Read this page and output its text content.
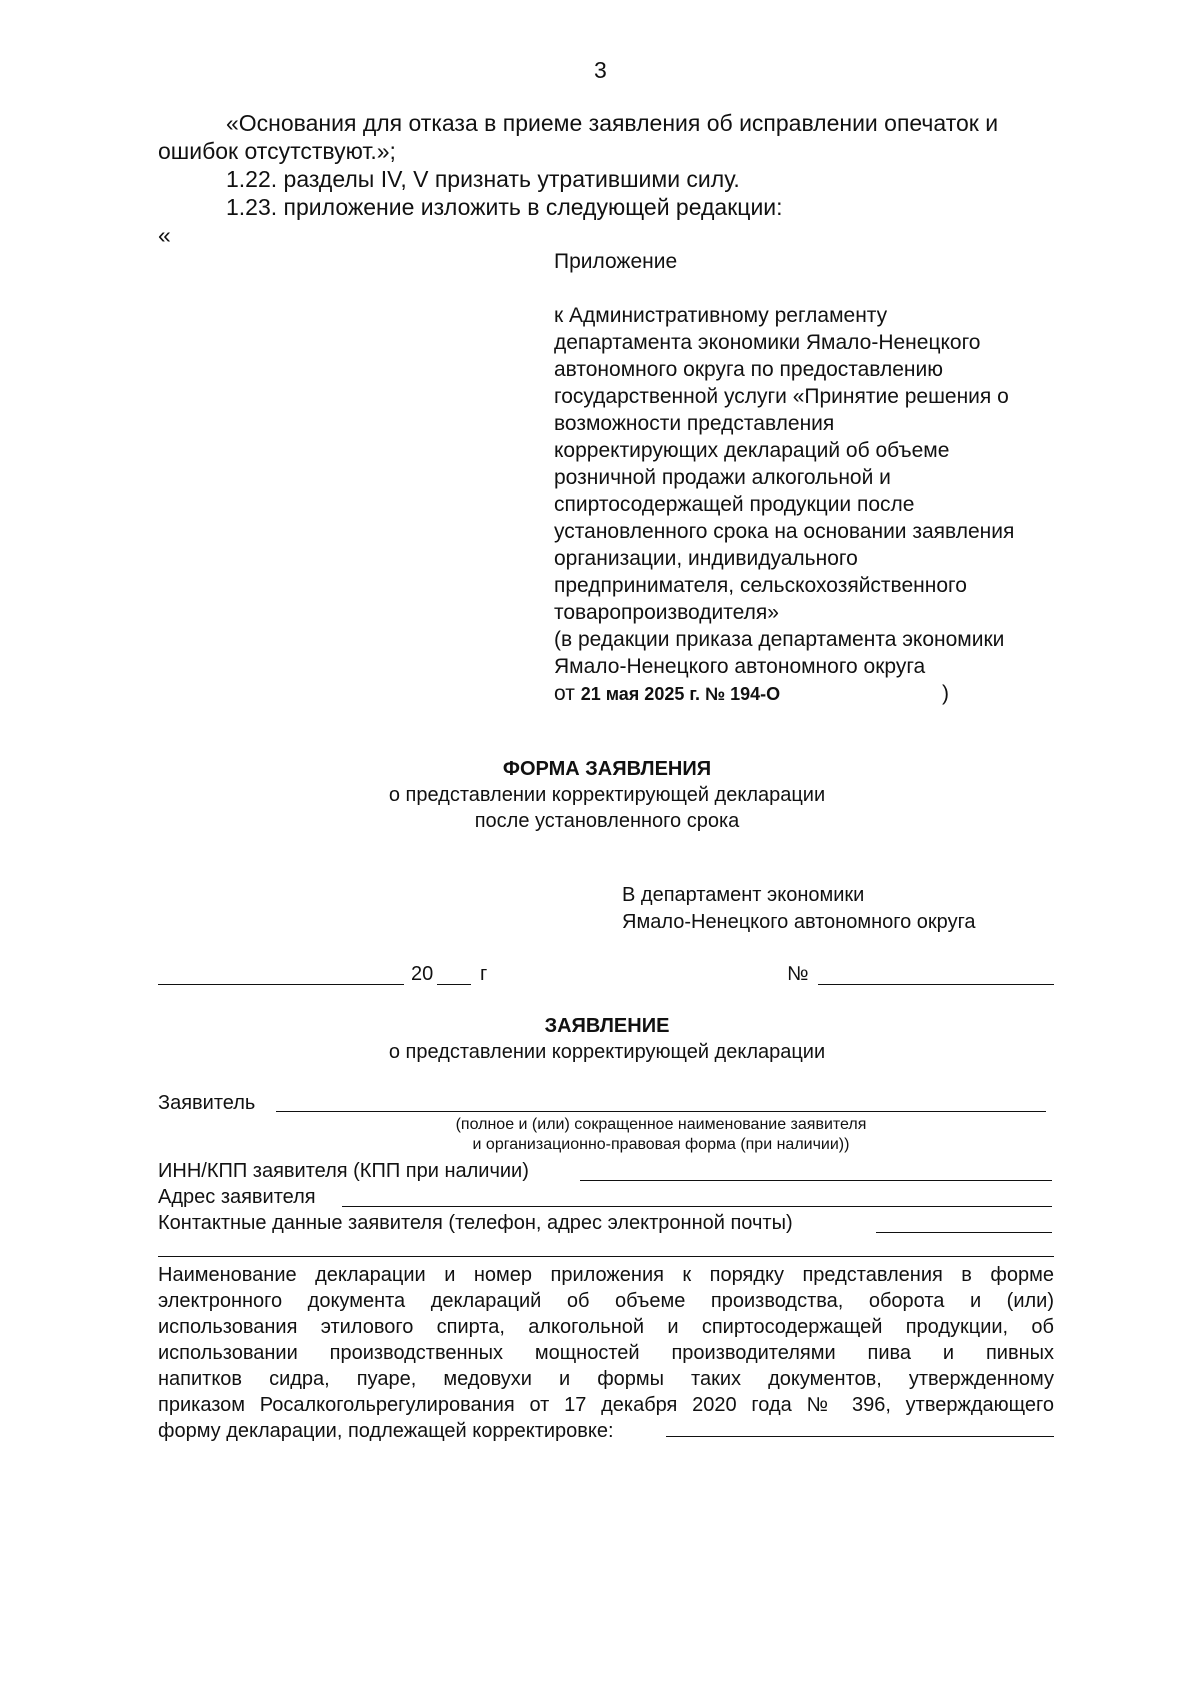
3
«Основания для отказа в приеме заявления об исправлении опечаток и
ошибок отсутствуют.»;
1.22. разделы IV, V признать утратившими силу.
1.23. приложение изложить в следующей редакции:
«
Приложение
к Административному регламенту
департамента экономики Ямало-Ненецкого
автономного округа по предоставлению
государственной услуги «Принятие решения о
возможности представления
корректирующих деклараций об объеме
розничной продажи алкогольной и
спиртосодержащей продукции после
установленного срока на основании заявления
организации, индивидуального
предпринимателя, сельскохозяйственного
товаропроизводителя»
(в редакции приказа департамента экономики
Ямало-Ненецкого автономного округа
от 21 мая 2025 г. № 194-О	)
ФОРМА ЗАЯВЛЕНИЯ
о представлении корректирующей декларации
после установленного срока
В департамент экономики
Ямало-Ненецкого автономного округа
20 г	№
ЗАЯВЛЕНИЕ
о представлении корректирующей декларации
Заявитель
(полное и (или) сокращенное наименование заявителя
и организационно-правовая форма (при наличии))
ИНН/КПП заявителя (КПП при наличии)
Адрес заявителя
Контактные данные заявителя (телефон, адрес электронной почты)
Наименование декларации и номер приложения к порядку представления в форме
электронного документа деклараций об объеме производства, оборота и (или)
использования этилового спирта, алкогольной и спиртосодержащей продукции, об
использовании производственных мощностей производителями пива и пивных
напитков сидра, пуаре, медовухи и формы таких документов, утвержденному
приказом Росалкогольрегулирования от 17 декабря 2020 года № 396, утверждающего
форму декларации, подлежащей корректировке:
